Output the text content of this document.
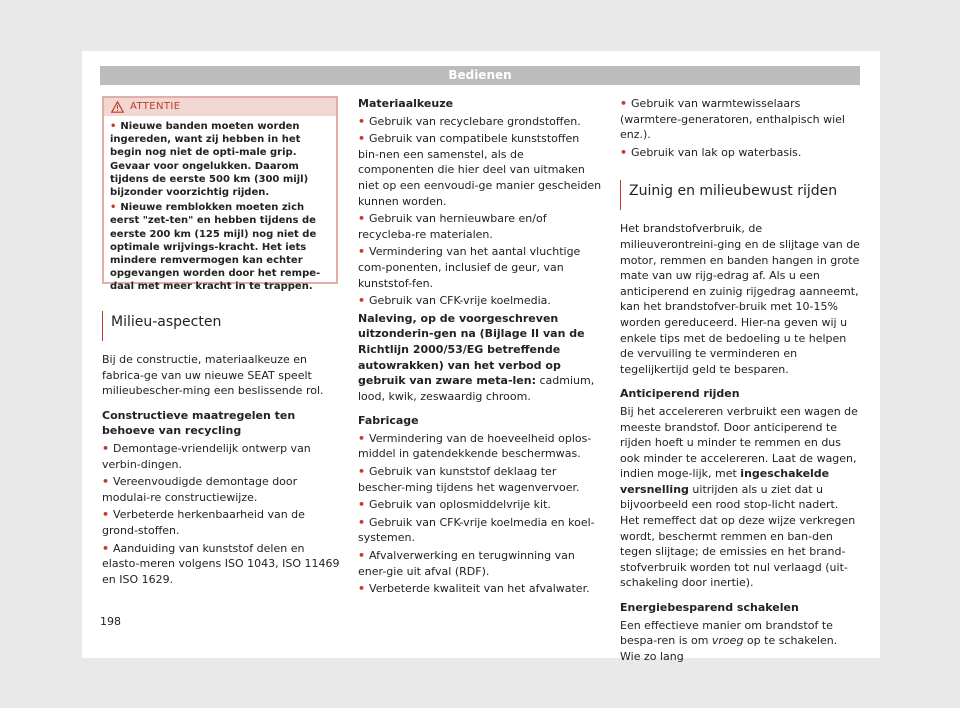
Bedienen
ATTENTIE
• Nieuwe banden moeten worden ingereden, want zij hebben in het begin nog niet de opti-male grip. Gevaar voor ongelukken. Daarom tijdens de eerste 500 km (300 mijl) bijzonder voorzichtig rijden.
• Nieuwe remblokken moeten zich eerst "zet-ten" en hebben tijdens de eerste 200 km (125 mijl) nog niet de optimale wrijvings-kracht. Het iets mindere remvermogen kan echter opgevangen worden door het rempe-daal met meer kracht in te trappen.
Milieu-aspecten

Bij de constructie, materiaalkeuze en fabrica-ge van uw nieuwe SEAT speelt milieubescher-ming een beslissende rol.

Constructieve maatregelen ten behoeve van recycling

• Demontage-vriendelijk ontwerp van verbin-dingen.
• Vereenvoudigde demontage door modulai-re constructiewijze.
• Verbeterde herkenbaarheid van de grond-stoffen.
• Aanduiding van kunststof delen en elasto-meren volgens ISO 1043, ISO 11469 en ISO 1629.
Materiaalkeuze
• Gebruik van recyclebare grondstoffen.
• Gebruik van compatibele kunststoffen bin-nen een samenstel, als de componenten die hier deel van uitmaken niet op een eenvoudi-ge manier gescheiden kunnen worden.
• Gebruik van hernieuwbare en/of recycleba-re materialen.
• Vermindering van het aantal vluchtige com-ponenten, inclusief de geur, van kunststof-fen.
• Gebruik van CFK-vrije koelmedia.

Naleving, op de voorgeschreven uitzonderin-gen na (Bijlage II van de Richtlijn 2000/53/EG betreffende autowrakken) van het verbod op gebruik van zware meta-len: cadmium, lood, kwik, zeswaardig chroom.

Fabricage
• Vermindering van de hoeveelheid oplos-middel in gatendekkende beschermwas.
• Gebruik van kunststof deklaag ter bescher-ming tijdens het wagenvervoer.
• Gebruik van oplosmiddelvrije kit.
• Gebruik van CFK-vrije koelmedia en koel-systemen.
• Afvalverwerking en terugwinning van ener-gie uit afval (RDF).
• Verbeterde kwaliteit van het afvalwater.
• Gebruik van warmtewisselaars (warmtere-generatoren, enthalpisch wiel enz.).
• Gebruik van lak op waterbasis.
Zuinig en milieubewust rijden

Het brandstofverbruik, de milieuverontreini-ging en de slijtage van de motor, remmen en banden hangen in grote mate van uw rijg-edrag af. Als u een anticiperend en zuinig rijgedrag aanneemt, kan het brandstofver-bruik met 10-15% worden gereduceerd. Hier-na geven wij u enkele tips met de bedoeling u te helpen de vervuiling te verminderen en tegelijkertijd geld te besparen.

Anticiperend rijden

Bij het accelereren verbruikt een wagen de meeste brandstof. Door anticiperend te rijden hoeft u minder te remmen en dus ook minder te accelereren. Laat de wagen, indien moge-lijk, met ingeschakelde versnelling uitrijden als u ziet dat u bijvoorbeeld een rood stop-licht nadert. Het remeffect dat op deze wijze verkregen wordt, beschermt remmen en ban-den tegen slijtage; de emissies en het brand-stofverbruik worden tot nul verlaagd (uit-schakeling door inertie).

Energiebesparend schakelen

Een effectieve manier om brandstof te bespa-ren is om vroeg op te schakelen. Wie zo lang

198
